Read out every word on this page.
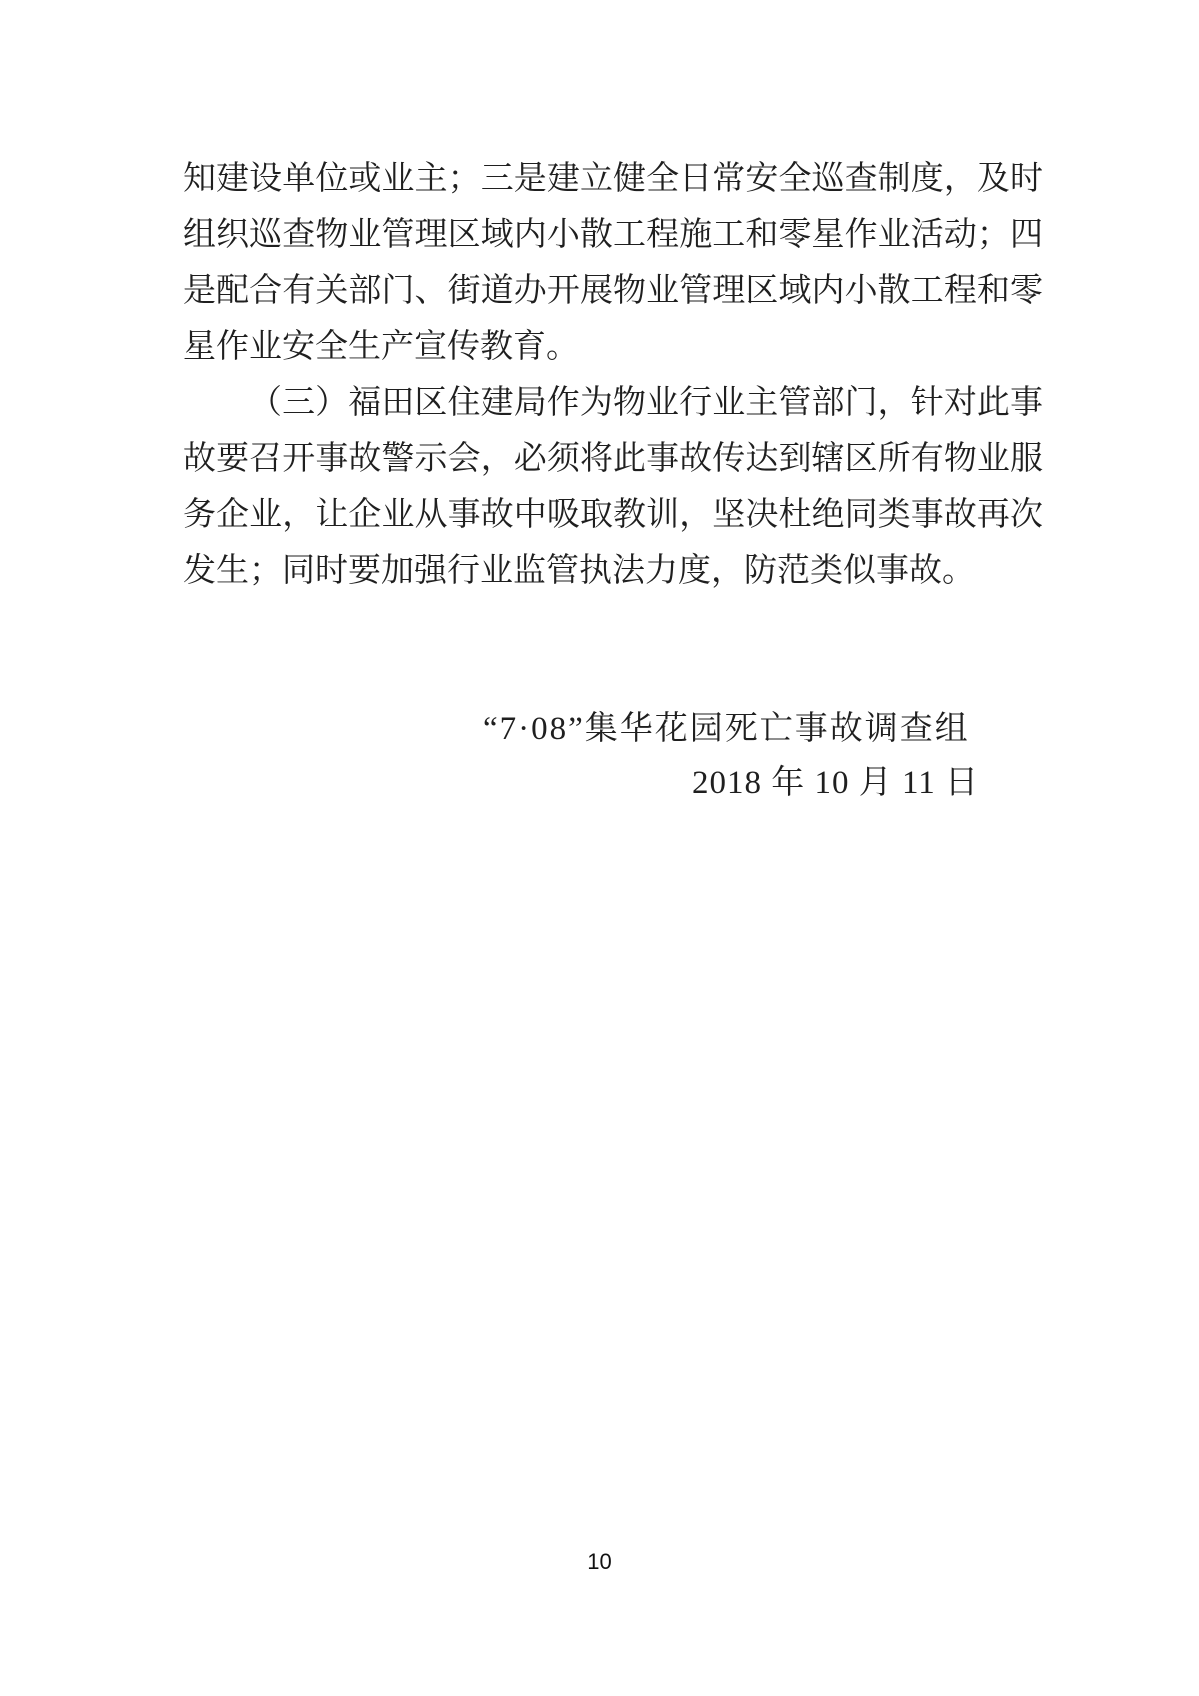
知建设单位或业主；三是建立健全日常安全巡查制度，及时

组织巡查物业管理区域内小散工程施工和零星作业活动；四

是配合有关部门、街道办开展物业管理区域内小散工程和零

星作业安全生产宣传教育。

（三）福田区住建局作为物业行业主管部门，针对此事

故要召开事故警示会，必须将此事故传达到辖区所有物业服

务企业，让企业从事故中吸取教训，坚决杜绝同类事故再次

发生；同时要加强行业监管执法力度，防范类似事故。

“7·08”集华花园死亡事故调查组
2018 年 10 月 11 日
10
